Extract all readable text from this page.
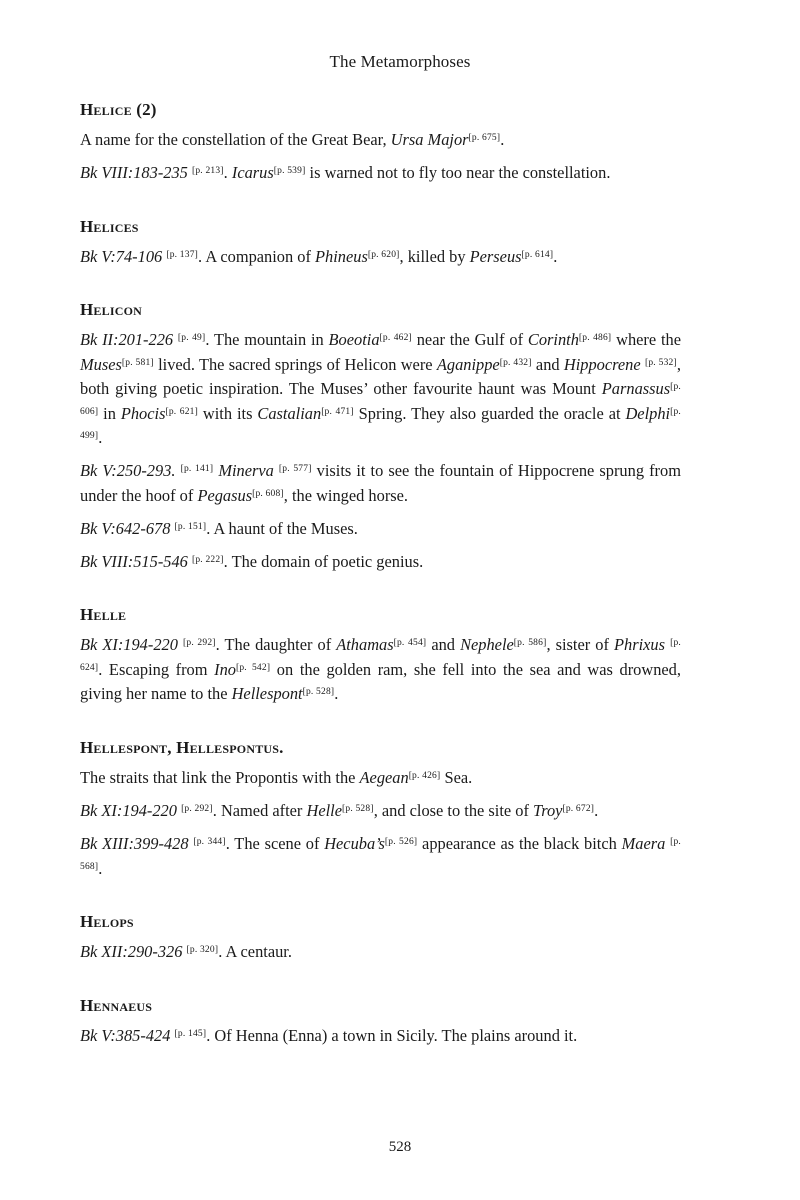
The Metamorphoses
Helice (2)

A name for the constellation of the Great Bear, Ursa Major[p. 675].

Bk VIII:183-235 [p. 213]. Icarus[p. 539] is warned not to fly too near the constellation.

Helices

Bk V:74-106 [p. 137]. A companion of Phineus[p. 620], killed by Perseus[p. 614].

Helicon

Bk II:201-226 [p. 49]. The mountain in Boeotia[p. 462] near the Gulf of Corinth[p. 486] where the Muses[p. 581] lived. The sacred springs of Helicon were Aganippe[p. 432] and Hippocrene [p. 532], both giving poetic inspiration. The Muses’ other favourite haunt was Mount Parnassus[p. 606] in Phocis[p. 621] with its Castalian[p. 471] Spring. They also guarded the oracle at Delphi[p. 499].

Bk V:250-293. [p. 141] Minerva [p. 577] visits it to see the fountain of Hippocrene sprung from under the hoof of Pegasus[p. 608], the winged horse.

Bk V:642-678 [p. 151]. A haunt of the Muses.

Bk VIII:515-546 [p. 222]. The domain of poetic genius.

Helle

Bk XI:194-220 [p. 292]. The daughter of Athamas[p. 454] and Nephele[p. 586], sister of Phrixus [p. 624]. Escaping from Ino[p. 542] on the golden ram, she fell into the sea and was drowned, giving her name to the Hellespont[p. 528].

Hellespont, Hellespontus.

The straits that link the Propontis with the Aegean[p. 426] Sea.

Bk XI:194-220 [p. 292]. Named after Helle[p. 528], and close to the site of Troy[p. 672].

Bk XIII:399-428 [p. 344]. The scene of Hecuba’s[p. 526] appearance as the black bitch Maera [p. 568].

Helops

Bk XII:290-326 [p. 320]. A centaur.

Hennaeus

Bk V:385-424 [p. 145]. Of Henna (Enna) a town in Sicily. The plains around it.

528
